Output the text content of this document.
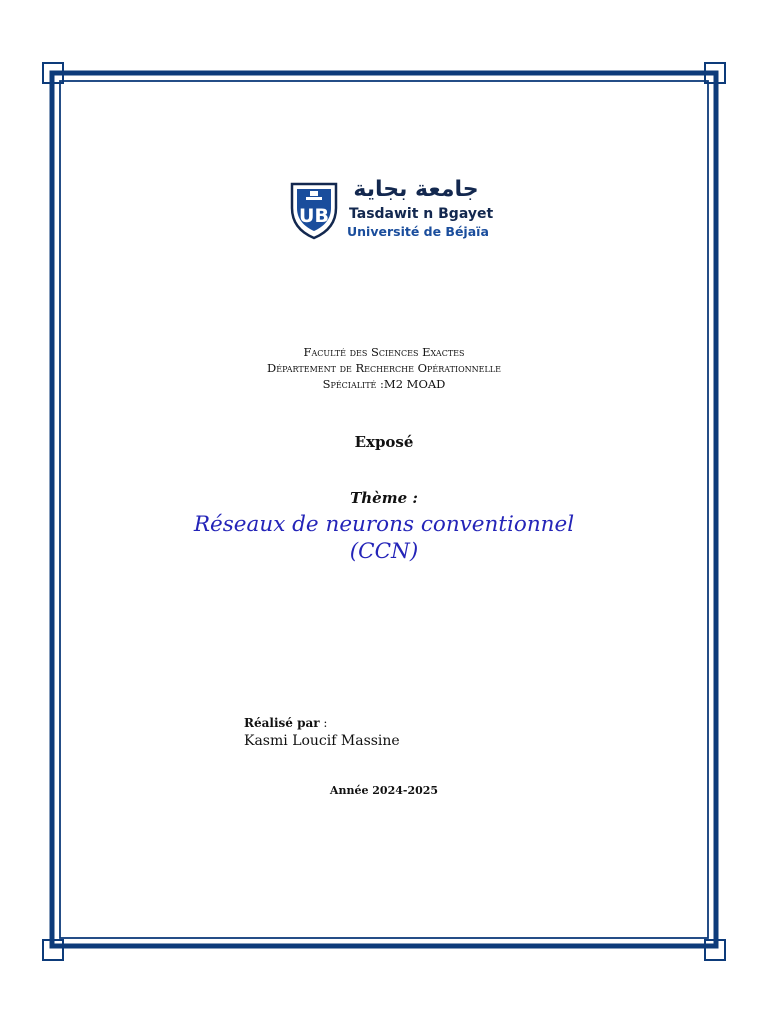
UB
جامعة بجاية
Tasdawit n Bgayet
Université de Béjaïa
Faculté des Sciences Exactes
Département de Recherche Opérationnelle
Spécialité :M2 MOAD
Exposé
Thème :
Réseaux de neurons conventionnel
(CCN)
Réalisé par :
Kasmi Loucif Massine
Année 2024-2025
